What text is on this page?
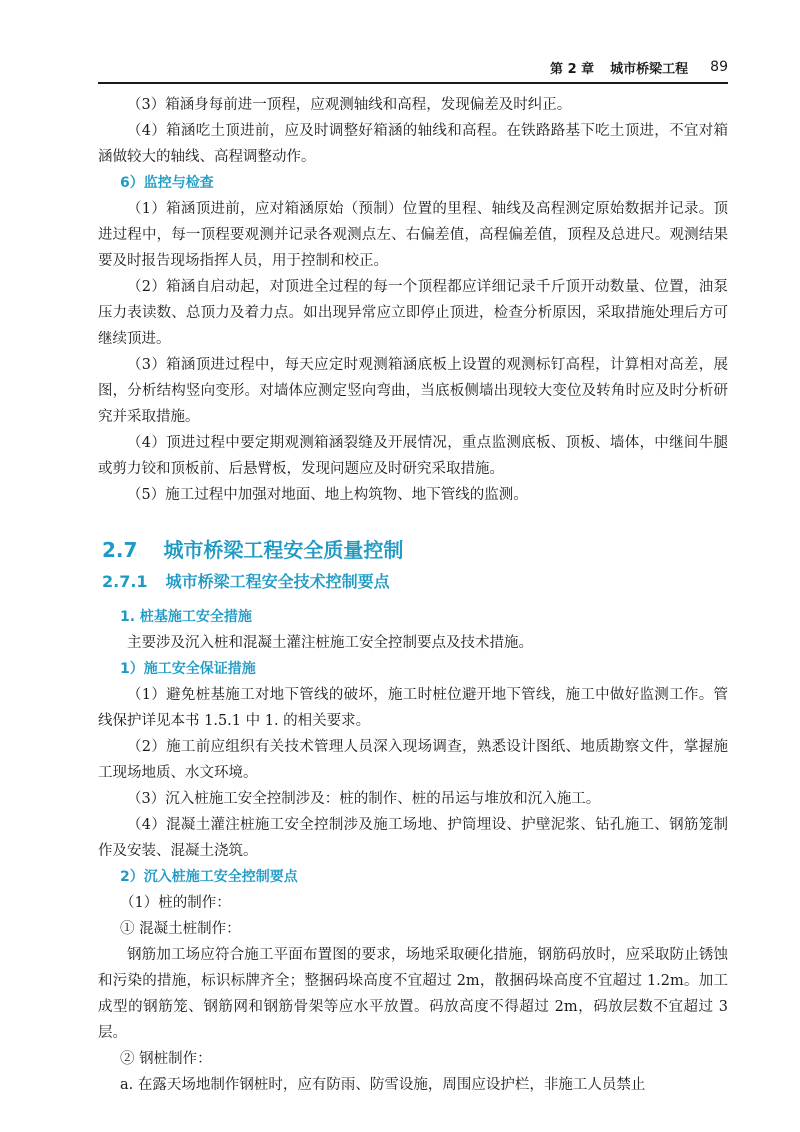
第 2 章 城市桥梁工程 89

（3）箱涵身每前进一顶程，应观测轴线和高程，发现偏差及时纠正。

（4）箱涵吃土顶进前，应及时调整好箱涵的轴线和高程。在铁路路基下吃土顶进，不宜对箱涵做较大的轴线、高程调整动作。

6）监控与检查

（1）箱涵顶进前，应对箱涵原始（预制）位置的里程、轴线及高程测定原始数据并记录。顶进过程中，每一顶程要观测并记录各观测点左、右偏差值，高程偏差值，顶程及总进尺。观测结果要及时报告现场指挥人员，用于控制和校正。

（2）箱涵自启动起，对顶进全过程的每一个顶程都应详细记录千斤顶开动数量、位置，油泵压力表读数、总顶力及着力点。如出现异常应立即停止顶进，检查分析原因，采取措施处理后方可继续顶进。

（3）箱涵顶进过程中，每天应定时观测箱涵底板上设置的观测标钉高程，计算相对高差，展图，分析结构竖向变形。对墙体应测定竖向弯曲，当底板侧墙出现较大变位及转角时应及时分析研究并采取措施。

（4）顶进过程中要定期观测箱涵裂缝及开展情况，重点监测底板、顶板、墙体，中继间牛腿或剪力铰和顶板前、后悬臂板，发现问题应及时研究采取措施。

（5）施工过程中加强对地面、地上构筑物、地下管线的监测。

2.7 城市桥梁工程安全质量控制
2.7.1 城市桥梁工程安全技术控制要点

1. 桩基施工安全措施

主要涉及沉入桩和混凝土灌注桩施工安全控制要点及技术措施。

1）施工安全保证措施

（1）避免桩基施工对地下管线的破坏，施工时桩位避开地下管线，施工中做好监测工作。管线保护详见本书 1.5.1 中 1. 的相关要求。

（2）施工前应组织有关技术管理人员深入现场调查，熟悉设计图纸、地质勘察文件，掌握施工现场地质、水文环境。

（3）沉入桩施工安全控制涉及：桩的制作、桩的吊运与堆放和沉入施工。

（4）混凝土灌注桩施工安全控制涉及施工场地、护筒埋设、护壁泥浆、钻孔施工、钢筋笼制作及安装、混凝土浇筑。

2）沉入桩施工安全控制要点

（1）桩的制作：

① 混凝土桩制作：

钢筋加工场应符合施工平面布置图的要求，场地采取硬化措施，钢筋码放时，应采取防止锈蚀和污染的措施，标识标牌齐全；整捆码垛高度不宜超过 2m，散捆码垛高度不宜超过 1.2m。加工成型的钢筋笼、钢筋网和钢筋骨架等应水平放置。码放高度不得超过 2m，码放层数不宜超过 3 层。

② 钢桩制作：

a. 在露天场地制作钢桩时，应有防雨、防雪设施，周围应设护栏，非施工人员禁止
